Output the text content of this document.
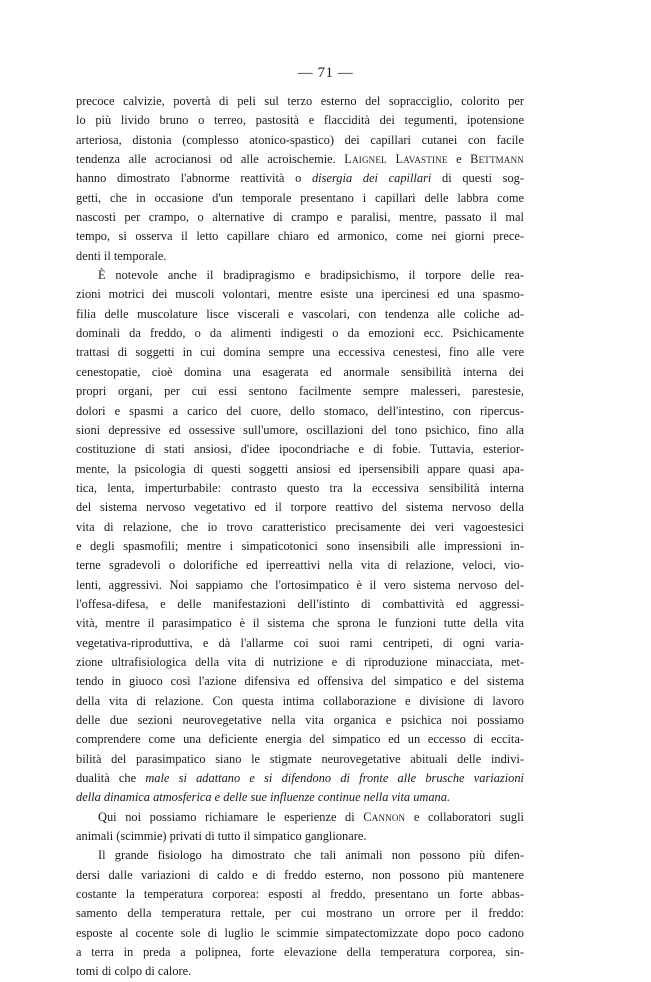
— 71 —

precoce calvizie, povertà di peli sul terzo esterno del sopracciglio, colorito per
lo più livido bruno o terreo, pastosità e flaccidità dei tegumenti, ipotensione
arteriosa, distonia (complesso atonico-spastico) dei capillari cutanei con facile
tendenza alle acrocianosi od alle acroischemie. Laignel Lavastine e Bettmann
hanno dimostrato l'abnorme reattività o disergia dei capillari di questi sog-
getti, che in occasione d'un temporale presentano i capillari delle labbra come
nascosti per crampo, o alternative di crampo e paralisi, mentre, passato il mal
tempo, si osserva il letto capillare chiaro ed armonico, come nei giorni prece-
denti il temporale.

È notevole anche il bradipragismo e bradipsichismo, il torpore delle rea-
zioni motrici dei muscoli volontari, mentre esiste una ipercinesi ed una spasmo-
filia delle muscolature lisce viscerali e vascolari, con tendenza alle coliche ad-
dominali da freddo, o da alimenti indigesti o da emozioni ecc. Psichicamente
trattasi di soggetti in cui domina sempre una eccessiva cenestesi, fino alle vere
cenestopatie, cioè domina una esagerata ed anormale sensibilità interna dei
propri organi, per cui essi sentono facilmente sempre malesseri, parestesie,
dolori e spasmi a carico del cuore, dello stomaco, dell'intestino, con ripercus-
sioni depressive ed ossessive sull'umore, oscillazioni del tono psichico, fino alla
costituzione di stati ansiosi, d'idee ipocondriache e di fobie. Tuttavia, esterior-
mente, la psicologia di questi soggetti ansiosi ed ipersensibili appare quasi apa-
tica, lenta, imperturbabile: contrasto questo tra la eccessiva sensibilità interna
del sistema nervoso vegetativo ed il torpore reattivo del sistema nervoso della
vita di relazione, che io trovo caratteristico precisamente dei veri vagoestesici
e degli spasmofili; mentre i simpaticotonici sono insensibili alle impressioni in-
terne sgradevoli o dolorifiche ed iperreattivi nella vita di relazione, veloci, vio-
lenti, aggressivi. Noi sappiamo che l'ortosimpatico è il vero sistema nervoso del-
l'offesa-difesa, e delle manifestazioni dell'istinto di combattività ed aggressi-
vità, mentre il parasimpatico è il sistema che sprona le funzioni tutte della vita
vegetativa-riproduttiva, e dà l'allarme coi suoi rami centripeti, di ogni varia-
zione ultrafisiologica della vita di nutrizione e di riproduzione minacciata, met-
tendo in giuoco così l'azione difensiva ed offensiva del simpatico e del sistema
della vita di relazione. Con questa intima collaborazione e divisione di lavoro
delle due sezioni neurovegetative nella vita organica e psichica noi possiamo
comprendere come una deficiente energia del simpatico ed un eccesso di eccita-
bilità del parasimpatico siano le stigmate neurovegetative abituali delle indivi-
dualità che male si adattano e si difendono di fronte alle brusche variazioni
della dinamica atmosferica e delle sue influenze continue nella vita umana.

Qui noi possiamo richiamare le esperienze di Cannon e collaboratori sugli
animali (scimmie) privati di tutto il simpatico ganglionare.

Il grande fisiologo ha dimostrato che tali animali non possono più difen-
dersi dalle variazioni di caldo e di freddo esterno, non possono più mantenere
costante la temperatura corporea: esposti al freddo, presentano un forte abbas-
samento della temperatura rettale, per cui mostrano un orrore per il freddo:
esposte al cocente sole di luglio le scimmie simpatectomizzate dopo poco cadono
a terra in preda a polipnea, forte elevazione della temperatura corporea, sin-
tomi di colpo di calore.
